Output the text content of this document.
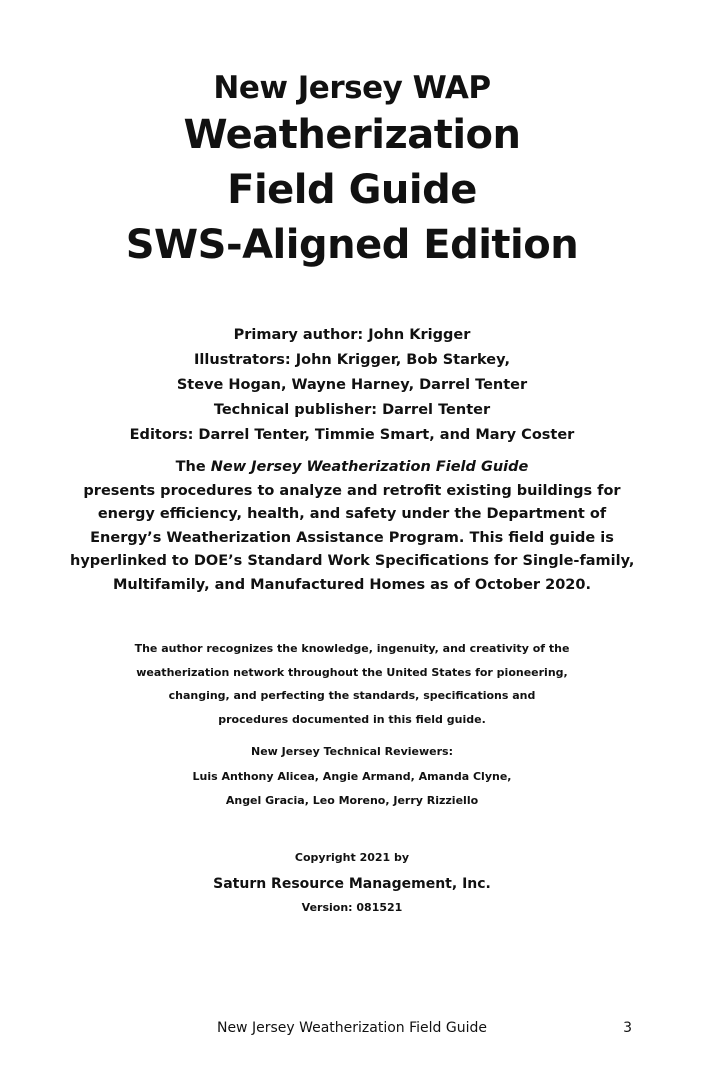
New Jersey WAP
Weatherization
Field Guide
SWS-Aligned Edition
Primary author: John Krigger
Illustrators: John Krigger, Bob Starkey,
Steve Hogan, Wayne Harney, Darrel Tenter
Technical publisher: Darrel Tenter
Editors: Darrel Tenter, Timmie Smart, and Mary Coster
The New Jersey Weatherization Field Guide
presents procedures to analyze and retrofit existing buildings for
energy efficiency, health, and safety under the Department of
Energy’s Weatherization Assistance Program. This field guide is
hyperlinked to DOE’s Standard Work Specifications for Single-family,
Multifamily, and Manufactured Homes as of October 2020.
The author recognizes the knowledge, ingenuity, and creativity of the
weatherization network throughout the United States for pioneering,
changing, and perfecting the standards, specifications and
procedures documented in this field guide.
New Jersey Technical Reviewers:
Luis Anthony Alicea, Angie Armand, Amanda Clyne,
Angel Gracia, Leo Moreno, Jerry Rizziello
Copyright 2021 by
Saturn Resource Management, Inc.
Version: 081521
New Jersey Weatherization Field Guide	3
